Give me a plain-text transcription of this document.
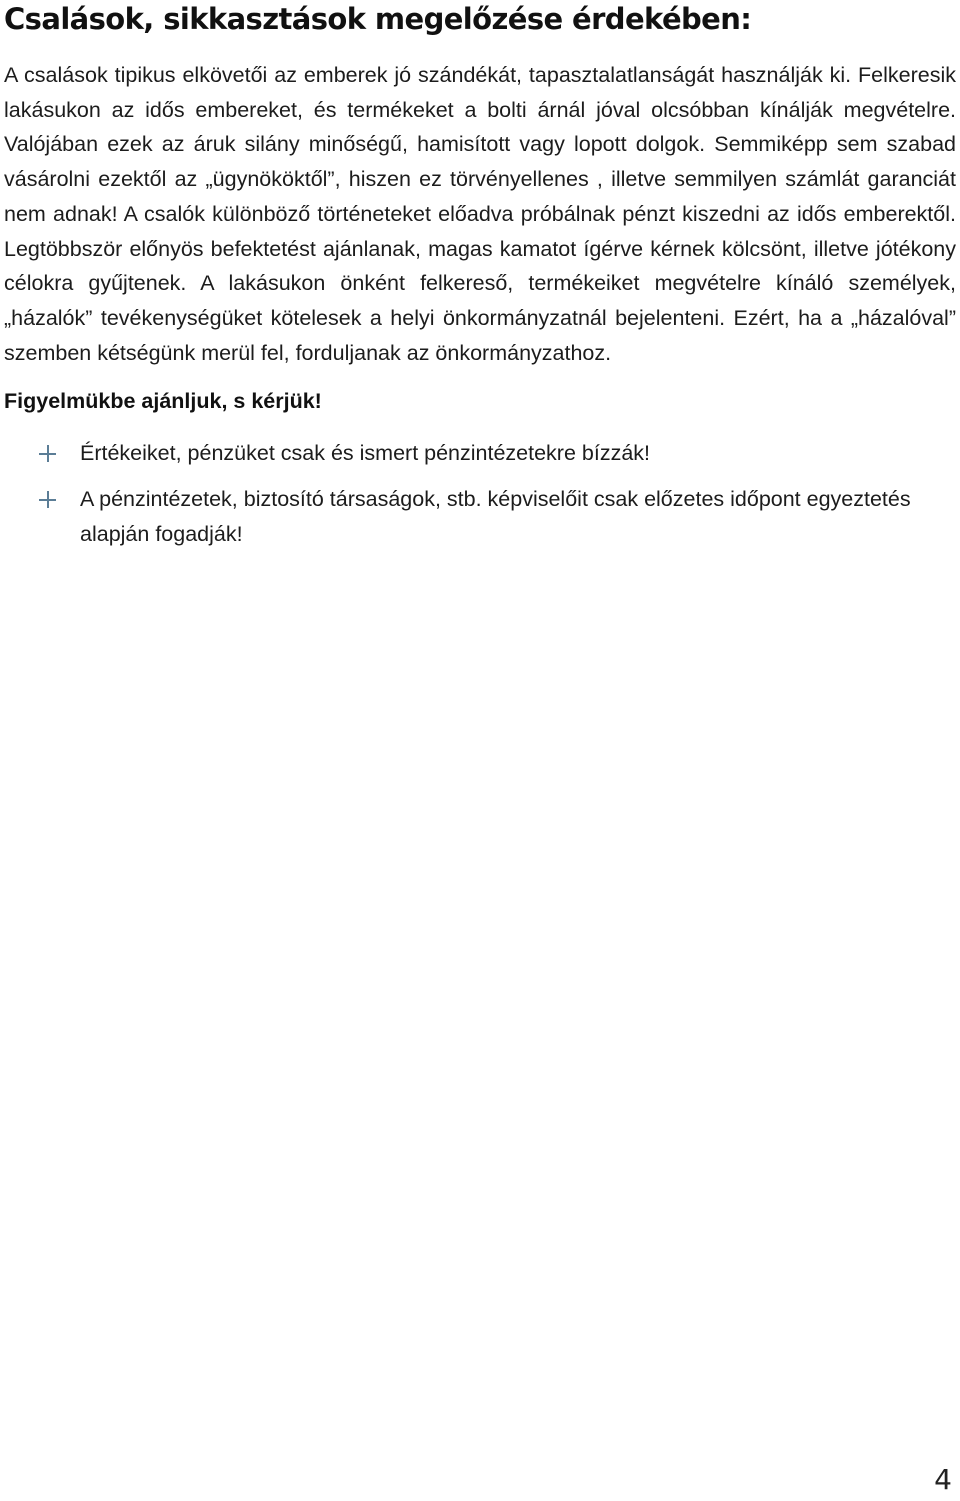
Csalások, sikkasztások megelőzése érdekében:

A csalások tipikus elkövetői az emberek jó szándékát, tapasztalatlanságát használják ki. Felkeresik lakásukon az idős embereket, és termékeket a bolti árnál jóval olcsóbban kínálják megvételre. Valójában ezek az áruk silány minőségű, hamisított vagy lopott dolgok. Semmiképp sem szabad vásárolni ezektől az „ügynököktől”, hiszen ez törvényellenes , illetve semmilyen számlát garanciát nem adnak! A csalók különböző történeteket előadva próbálnak pénzt kiszedni az idős emberektől. Legtöbbször előnyös befektetést ajánlanak, magas kamatot ígérve kérnek kölcsönt, illetve jótékony célokra gyűjtenek. A lakásukon önként felkereső, termékeiket megvételre kínáló személyek, „házalók” tevékenységüket kötelesek a helyi önkormányzatnál bejelenteni. Ezért, ha a „házalóval” szemben kétségünk merül fel, forduljanak az önkormányzathoz.

Figyelmükbe ajánljuk, s kérjük!

Értékeiket, pénzüket csak és ismert pénzintézetekre bízzák!
A pénzintézetek, biztosító társaságok, stb. képviselőit csak előzetes időpont egyeztetés alapján fogadják!
4
